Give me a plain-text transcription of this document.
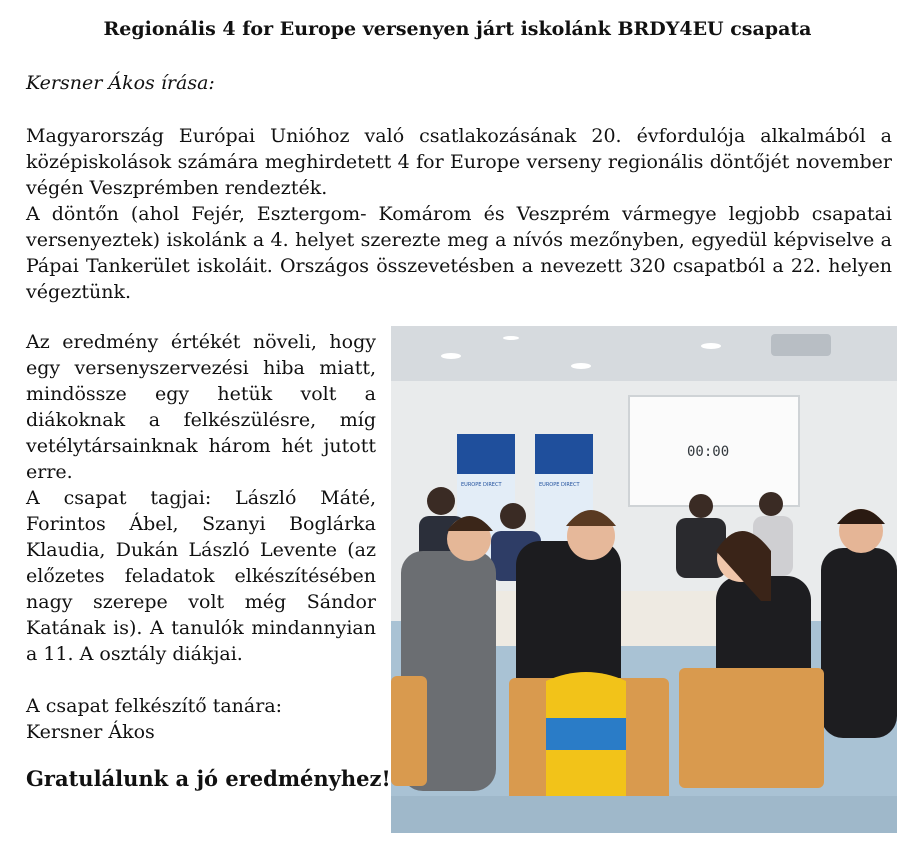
Regionális 4 for Europe versenyen járt iskolánk BRDY4EU csapata
Kersner Ákos írása:

Magyarország Európai Unióhoz való csatlakozásának 20. évfordulója alkalmából a középiskolások számára meghirdetett 4 for Europe verseny regionális döntőjét november végén Veszprémben rendezték.

A döntőn (ahol Fejér, Esztergom- Komárom és Veszprém vármegye legjobb csapatai versenyeztek) iskolánk a 4. helyet szerezte meg a nívós mezőnyben, egyedül képviselve a Pápai Tankerület iskoláit. Országos összevetésben a nevezett 320 csapatból a 22. helyen végeztünk.

Az eredmény értékét növeli, hogy egy versenyszervezési hiba miatt, mindössze egy hetük volt a diákoknak a felkészülésre, míg vetélytársainknak három hét jutott erre.

A csapat tagjai: László Máté, Forintos Ábel, Szanyi Boglárka Klaudia, Dukán László Levente (az előzetes feladatok elkészítésében nagy szerepe volt még Sándor Katának is). A tanulók mindannyian a 11. A osztály diákjai.

A csapat felkészítő tanára:

Kersner Ákos

Gratulálunk a jó eredményhez!
00:00
EUROPE DIRECT	EUROPE DIRECT
